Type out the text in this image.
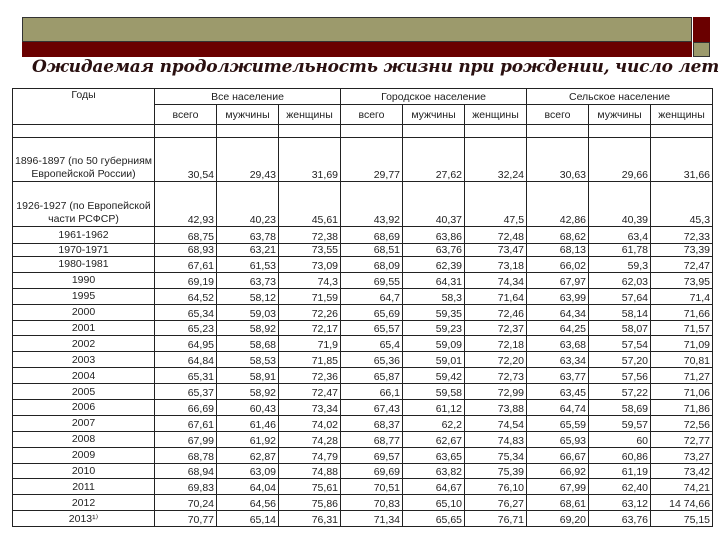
Ожидаемая продолжительность жизни при рождении, число лет
Годы	Все население			Городское население			Сельское население		
	всего	мужчины	женщины	всего	мужчины	женщины	всего	мужчины	женщины

1896-1897 (по 50 губерниям Европейской России)	30,54	29,43	31,69	29,77	27,62	32,24	30,63	29,66	31,66
1926-1927 (по Европейской части РСФСР)	42,93	40,23	45,61	43,92	40,37	47,5	42,86	40,39	45,3
1961-1962	68,75	63,78	72,38	68,69	63,86	72,48	68,62	63,4	72,33
1970-1971	68,93	63,21	73,55	68,51	63,76	73,47	68,13	61,78	73,39
1980-1981	67,61	61,53	73,09	68,09	62,39	73,18	66,02	59,3	72,47
1990	69,19	63,73	74,3	69,55	64,31	74,34	67,97	62,03	73,95
1995	64,52	58,12	71,59	64,7	58,3	71,64	63,99	57,64	71,4
2000	65,34	59,03	72,26	65,69	59,35	72,46	64,34	58,14	71,66
2001	65,23	58,92	72,17	65,57	59,23	72,37	64,25	58,07	71,57
2002	64,95	58,68	71,9	65,4	59,09	72,18	63,68	57,54	71,09
2003	64,84	58,53	71,85	65,36	59,01	72,20	63,34	57,20	70,81
2004	65,31	58,91	72,36	65,87	59,42	72,73	63,77	57,56	71,27
2005	65,37	58,92	72,47	66,1	59,58	72,99	63,45	57,22	71,06
2006	66,69	60,43	73,34	67,43	61,12	73,88	64,74	58,69	71,86
2007	67,61	61,46	74,02	68,37	62,2	74,54	65,59	59,57	72,56
2008	67,99	61,92	74,28	68,77	62,67	74,83	65,93	60	72,77
2009	68,78	62,87	74,79	69,57	63,65	75,34	66,67	60,86	73,27
2010	68,94	63,09	74,88	69,69	63,82	75,39	66,92	61,19	73,42
2011	69,83	64,04	75,61	70,51	64,67	76,10	67,99	62,40	74,21
2012	70,24	64,56	75,86	70,83	65,10	76,27	68,61	63,12	14 74,66
2013¹⁾	70,77	65,14	76,31	71,34	65,65	76,71	69,20	63,76	75,15
